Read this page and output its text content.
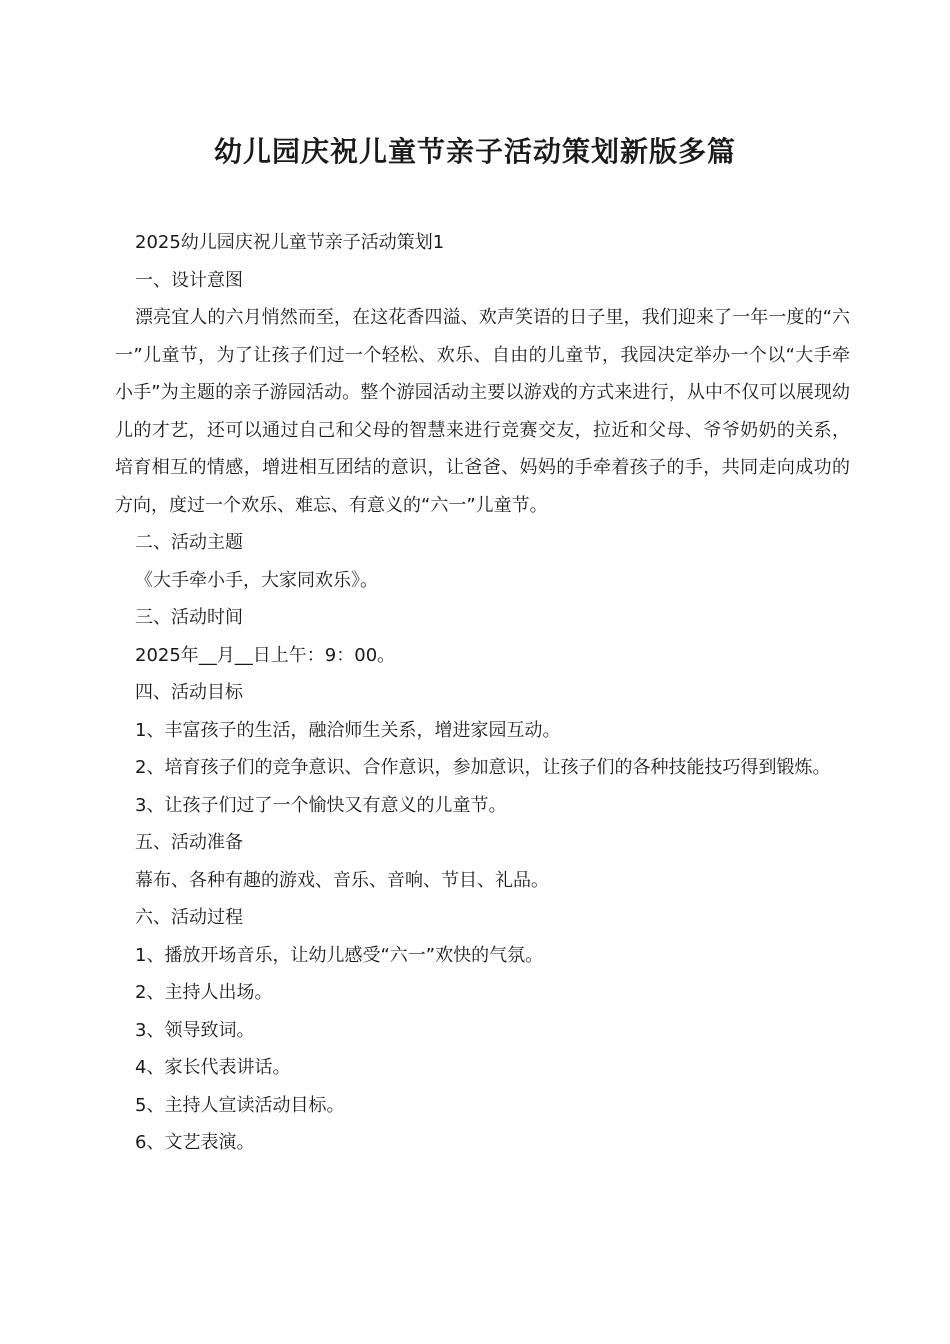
幼儿园庆祝儿童节亲子活动策划新版多篇

2025幼儿园庆祝儿童节亲子活动策划1

一、设计意图

漂亮宜人的六月悄然而至，在这花香四溢、欢声笑语的日子里，我们迎来了一年一度的“六一”儿童节，为了让孩子们过一个轻松、欢乐、自由的儿童节，我园决定举办一个以“大手牵小手”为主题的亲子游园活动。整个游园活动主要以游戏的方式来进行，从中不仅可以展现幼儿的才艺，还可以通过自己和父母的智慧来进行竞赛交友，拉近和父母、爷爷奶奶的关系，培育相互的情感，增进相互团结的意识，让爸爸、妈妈的手牵着孩子的手，共同走向成功的方向，度过一个欢乐、难忘、有意义的“六一”儿童节。

二、活动主题

《大手牵小手，大家同欢乐》。

三、活动时间

2025年__月__日上午：9：00。

四、活动目标

1、丰富孩子的生活，融洽师生关系，增进家园互动。

2、培育孩子们的竞争意识、合作意识，参加意识，让孩子们的各种技能技巧得到锻炼。

3、让孩子们过了一个愉快又有意义的儿童节。

五、活动准备

幕布、各种有趣的游戏、音乐、音响、节目、礼品。

六、活动过程

1、播放开场音乐，让幼儿感受“六一”欢快的气氛。

2、主持人出场。

3、领导致词。

4、家长代表讲话。

5、主持人宣读活动目标。

6、文艺表演。
